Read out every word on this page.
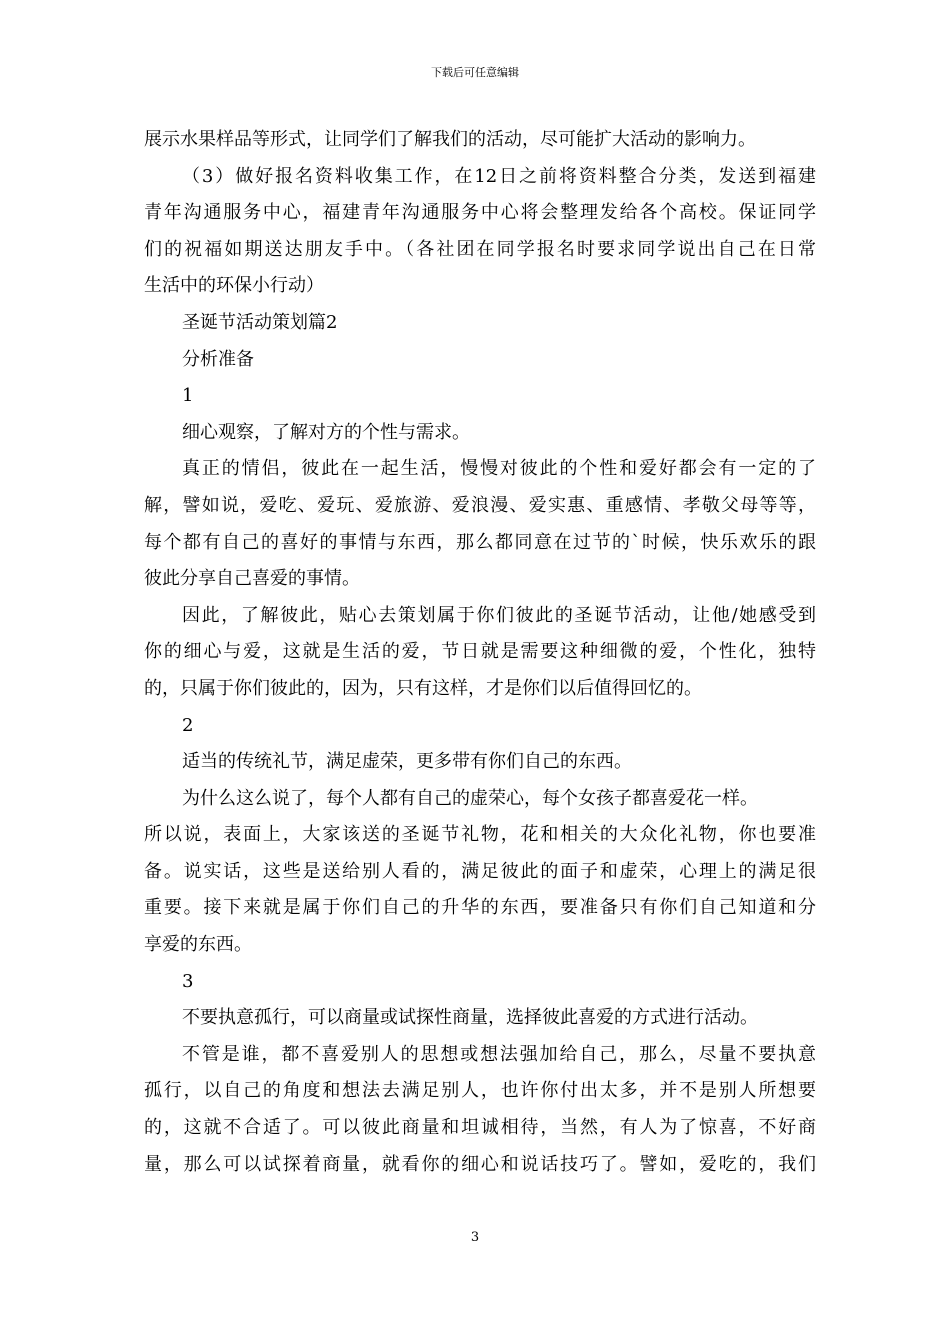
下载后可任意编辑
展示水果样品等形式，让同学们了解我们的活动，尽可能扩大活动的影响力。
（3）做好报名资料收集工作，在12日之前将资料整合分类，发送到福建
青年沟通服务中心，福建青年沟通服务中心将会整理发给各个高校。保证同学
们的祝福如期送达朋友手中。（各社团在同学报名时要求同学说出自己在日常
生活中的环保小行动）
圣诞节活动策划篇2
分析准备
1
细心观察，了解对方的个性与需求。
真正的情侣，彼此在一起生活，慢慢对彼此的个性和爱好都会有一定的了
解，譬如说，爱吃、爱玩、爱旅游、爱浪漫、爱实惠、重感情、孝敬父母等等，
每个都有自己的喜好的事情与东西，那么都同意在过节的`时候，快乐欢乐的跟
彼此分享自己喜爱的事情。
因此，了解彼此，贴心去策划属于你们彼此的圣诞节活动，让他/她感受到
你的细心与爱，这就是生活的爱，节日就是需要这种细微的爱，个性化，独特
的，只属于你们彼此的，因为，只有这样，才是你们以后值得回忆的。
2
适当的传统礼节，满足虚荣，更多带有你们自己的东西。
为什么这么说了，每个人都有自己的虚荣心，每个女孩子都喜爱花一样。
所以说，表面上，大家该送的圣诞节礼物，花和相关的大众化礼物，你也要准
备。说实话，这些是送给别人看的，满足彼此的面子和虚荣，心理上的满足很
重要。接下来就是属于你们自己的升华的东西，要准备只有你们自己知道和分
享爱的东西。
3
不要执意孤行，可以商量或试探性商量，选择彼此喜爱的方式进行活动。
不管是谁，都不喜爱别人的思想或想法强加给自己，那么，尽量不要执意
孤行，以自己的角度和想法去满足别人，也许你付出太多，并不是别人所想要
的，这就不合适了。可以彼此商量和坦诚相待，当然，有人为了惊喜，不好商
量，那么可以试探着商量，就看你的细心和说话技巧了。譬如，爱吃的，我们
3
